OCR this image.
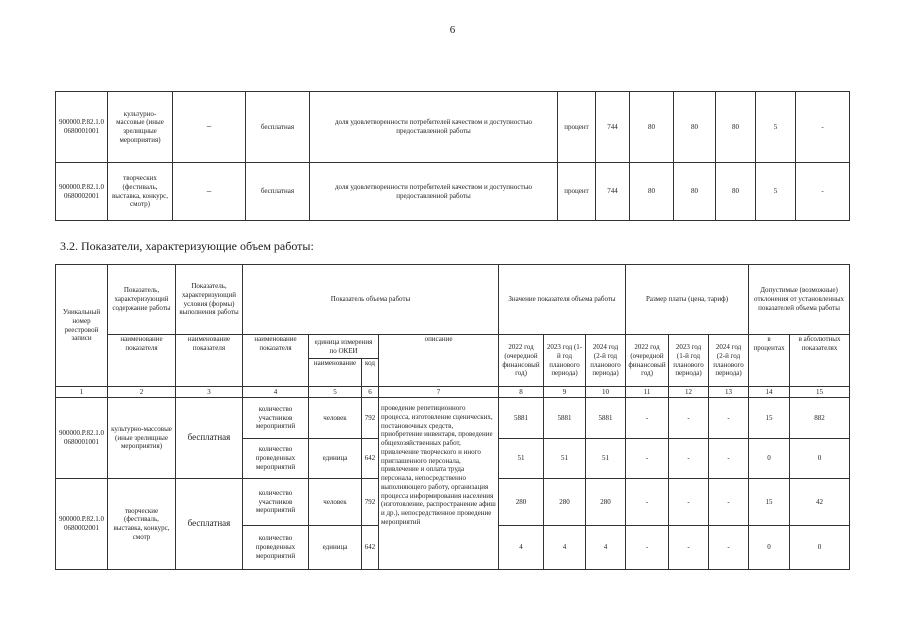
6
900000.Р.82.1.0 0680001001	культурно-массовые (иные зрелищные мероприятия)	–	бесплатная	доля удовлетворенности потребителей качеством и доступностью предоставленной работы	процент	744	80	80	80	5	-
900000.Р.82.1.0 0680002001	творческих (фестиваль, выставка, конкурс, смотр)	–	бесплатная	доля удовлетворенности потребителей качеством и доступностью предоставленной работы	процент	744	80	80	80	5	-
3.2. Показатели, характеризующие объем работы:
Уникальный номер реестровой записи	Показатель, характеризующий содержание работы	Показатель, характеризующий условия (формы) выполнения работы	Показатель объема работы				Значение показателя объема работы			Размер платы (цена, тариф)			Допустимые (возможные) отклонения от установленных показателей объема работы	
	наименование показателя	наименование показателя	наименование показателя	единица измерения по ОКЕИ		описание	2022 год (очередной финансовый год)	2023 год (1-й год планового периода)	2024 год (2-й год планового периода)	2022 год (очередной финансовый год)	2023 год (1-й год планового периода)	2024 год (2-й год планового периода)	в процентах	в абсолютных показателях
				наименование	код									
1	2	3	4	5	6	7	8	9	10	11	12	13	14	15
900000.Р.82.1.0 0680001001	культурно-массовые (иные зрелищные мероприятия)	бесплатная	количество участников мероприятий	человек	792	проведение репетиционного процесса, изготовление сценических, постановочных средств, приобретение инвентаря, проведение общехозяйственных работ, привлечение творческого и иного приглашенного персонала, привлечение и оплата труда персонала, непосредственно выполняющего работу, организация процесса информирования населения (изготовление, распространение афиш и др.), непосредственное проведение мероприятий	5881	5881	5881	-	-	-	15	882
			количество проведенных мероприятий	единица	642		51	51	51	-	-	-	0	0
900000.Р.82.1.0 0680002001	творческие (фестиваль, выставка, конкурс, смотр	бесплатная	количество участников мероприятий	человек	792		280	280	280	-	-	-	15	42
			количество проведенных мероприятий	единица	642		4	4	4	-	-	-	0	0
